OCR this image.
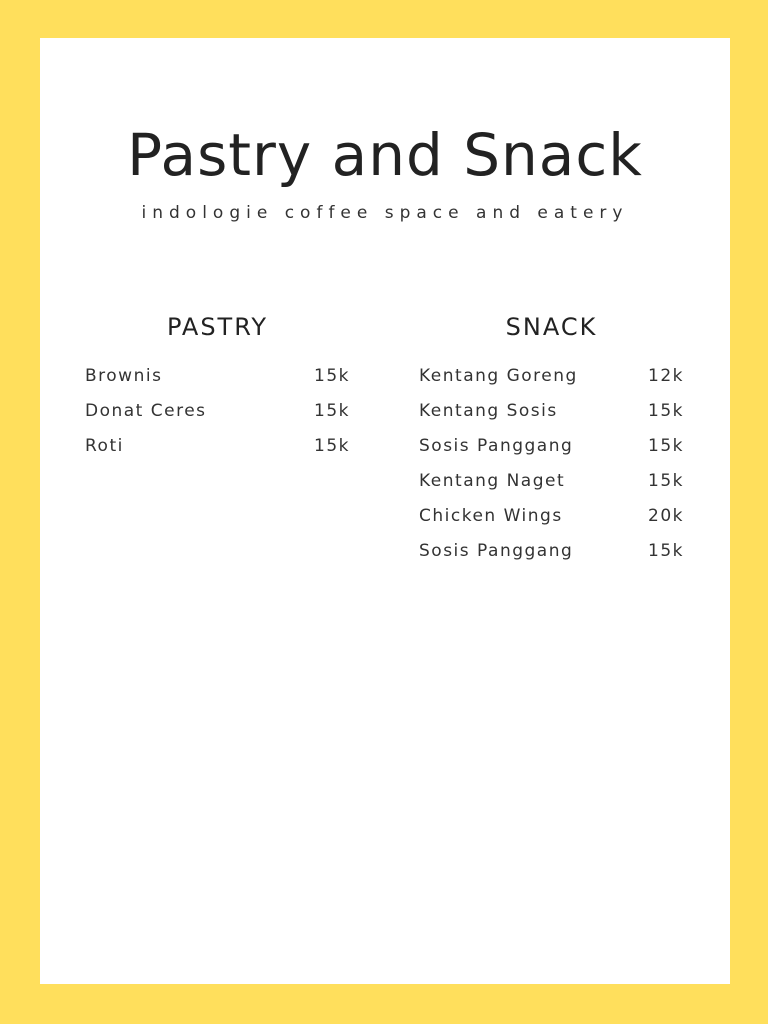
Pastry and Snack
indologie coffee space and eatery
PASTRY
Brownis	15k
Donat Ceres	15k
Roti	15k
SNACK
Kentang Goreng	12k
Kentang Sosis	15k
Sosis Panggang	15k
Kentang Naget	15k
Chicken Wings	20k
Sosis Panggang	15k
